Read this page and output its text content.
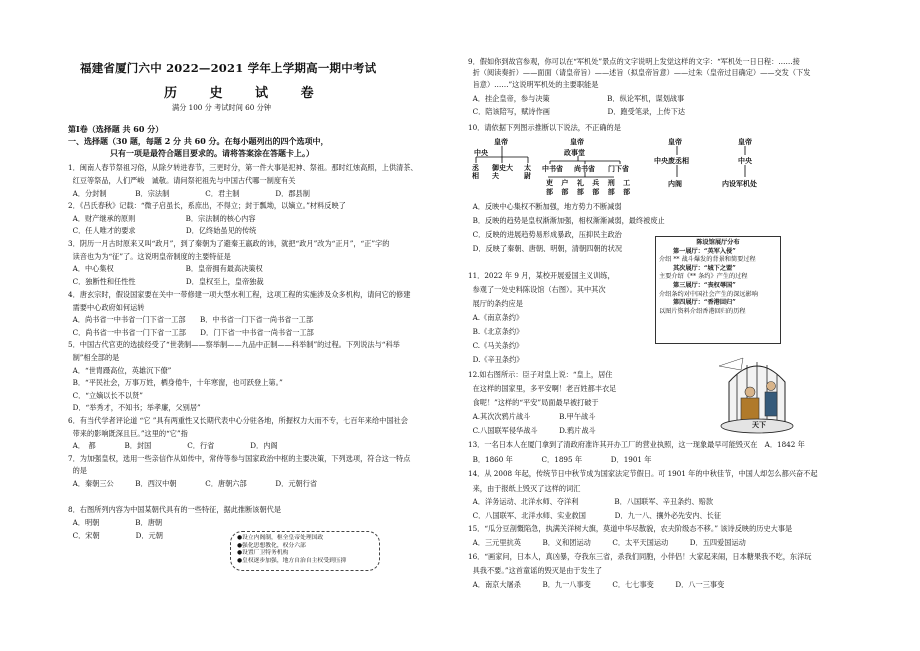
福建省厦门六中 2022—2021 学年上学期高一期中考试
历 史 试 卷
满分 100 分 考试时间 60 分钟
第Ⅰ卷（选择题 共 60 分）
一、选择题（30 题，每题 2 分 共 60 分。在每小题列出的四个选项中，
只有一项是最符合题目要求的。请将答案涂在答题卡上。）
1．闽南人春节祭祖习俗，从除夕转进春节，三更时分，第一件大事是祀神、祭祖。那时红烛高照，上供清茶、
红豆等祭品，人们严峻　诚敬。请问祭祀祖先与中国古代哪一制度有关
A．分封制　　　　B．宗法制　　　　　C．君主制　　　　　D．郡县制
2．《吕氏春秋》记载：“微子启虽长，系庶出，不得立；封于瓢坳，以嫡立。”材料反映了
A．财产继承的原则　　　　　　　B．宗法制的核心内容
C．任人唯才的要求　　　　　　　D．亿终始虽见的传统
3．阴历一月古时原来又叫“政月”，到了秦朝为了避秦王嬴政的讳，就把“政月”改为“正月”，“正”字的
读音也为为“征”了。这说明皇帝制度的主要特征是
A．中心集权　　　　　　　　　　B．皇帝拥有最高决策权
C．独断性和任性性　　　　　　　D．皇权至上，皇帝独裁
4．唐玄宗时，假设国家要在关中一带修建一项大型水利工程，这项工程的实施涉及众多机构，请问它的修建
需要中心政府如何运转
A．尚书省一中书省一门下省一工部　　B．中书省一门下省一尚书省一工部
C．尚书省一中书省一门下省一工部　　D．门下省一中书省一尚书省一工部
5．中国古代官吏的选拔经受了“世袭制——察举制——九品中正制——科举制”的过程。下列说法与“科举
制”相全部的是
A．“世胄蹑高位，英雄沉下僚”
B．“平民社会，万事万姓，栖身倦牛，十年寒窗，也可跃登上第。”
C．“立嫡以长不以贤”
D．“举秀才，不知书；举孝廉，父别居”
6．有当代学者评论道 “它 ”具有两重性又长期代表中心分驻各地，所握权力大而不专，七百年来给中国社会
带来的影响既深且巨。”这里的“它”指
A．　都　　　　B．封国　　　　　C．行省　　　　　D．内阁
7．为加强皇权，选用一些亲信作从如传中，常侍等参与国家政治中枢的主要决策，下列选项，符合这一特点
的是
A．秦朝三公　　　B．西汉中朝　　　　C．唐朝六部　　　　D．元朝行省
8．右图所列内容为中国某朝代具有的一些特征，据此推断该朝代是
A．明朝　　　　　B．唐朝
C．宋朝　　　　　D．元朝	●设立内阁制，枢全皇帝处理国政
●强化思想教化，权分六部
●设置厂卫特务机构
●皇权逐步加强，地方自治自主权受到压抑
9．假如你到故宫参观，你可以在“军机处”景点的文字说明上发觉这样的文字：“军机处一日日程：……接
折（阅读奏折）——面面（请皇帝旨）——述旨（拟皇帝旨意）——过朱（皇帝过目确定）——交发（下发
旨意）……”这说明军机处的主要职能是
A．挂企皇帝，参与决策　　　　　　　　B．纵论军机，谋划战事
C．陪该陪写，赋诗作画　　　　　　　　D．跑受笔录，上传下达
10．请依据下列图示推断以下说法，不正确的是
A．反映中心集权不断加强，地方势力不断减弱
B．反映的趋势是皇权渐渐加强，相权渐渐减弱，最终被废止
C．反映的进展趋势易形成暴政，压抑民主政治
D．反映了秦朝、唐朝、明朝，清朝四朝的状况
11．2022 年 9 月，某校开展爱国主义训练，
参观了一处史料陈设馆（右图）。其中其次
展厅的条约应是
A.《南京条约》
B.《北京条约》
C.《马关条约》
D.《辛丑条约》
12.如右图所示：臣子对皇上说：“皇上，居住
在这样的国家里，多平安啊！老百姓都丰衣足
食呢！”这样的“平安”局面最早被打破于
A.其次次鸦片战斗　　　　B.甲午战斗
C.八国联军侵华战斗　　　D.鸦片战斗
13．一名日本人在厦门拿到了清政府准许其开办工厂的营业执照，这一现象最早可能毁灭在　A．1842 年
B．1860 年　　　　C．1895 年　　　　D．1901 年
14．从 2008 年起，传统节日中秋节成为国家法定节假日。可 1901 年的中秋佳节，中国人却怎么都兴奋不起
来，由于报纸上毁灭了这样的词汇
A．洋务运动、北洋水师、夺洋利　　　　　B．八国联军、辛丑条约、赔款
C．八国联军、北洋水师、实业救国　　　　D．九一八、攘外必先安内、长征
15．“瓜分豆剖慨陷急，执满关洋树大旗，莫道中华尽散貌，农夫阶级态不移。” 该诗反映的历史大事是
A．三元里抗英　　　B．义和团运动　　　C．太平天国运动　　　D．五四爱国运动
16．“画家问，日本人，真凶暴，夺我东三省，杀我们同胞，小伴侣！大家起来闹，日本糖果我不吃，东洋玩
具我不要。”这首童谣的毁灭是由于发生了
A．南京大屠杀　　　B．九一八事变　　　C．七七事变　　　D．八一三事变
皇帝
中央
丞相
御史大夫
太尉
皇帝
政事堂
中书省 尚书省 门下省
吏 户 礼 兵 刑 工
部 部 部 部 部 部
皇帝
中央废丞相
内阁
皇帝
中央
内设军机处
陈设馆展厅分布
第一展厅：“英军入侵”
介绍 ** 战斗爆发的背景和简要过程
其次展厅：“城下之盟”
主要介绍《** 条约》产生的过程
第三展厅：“丧权辱国”
介绍条约对中国社会产生的深远影响
第四展厅：“香港回归”
以图片资料介绍香港回归的历程
天下
